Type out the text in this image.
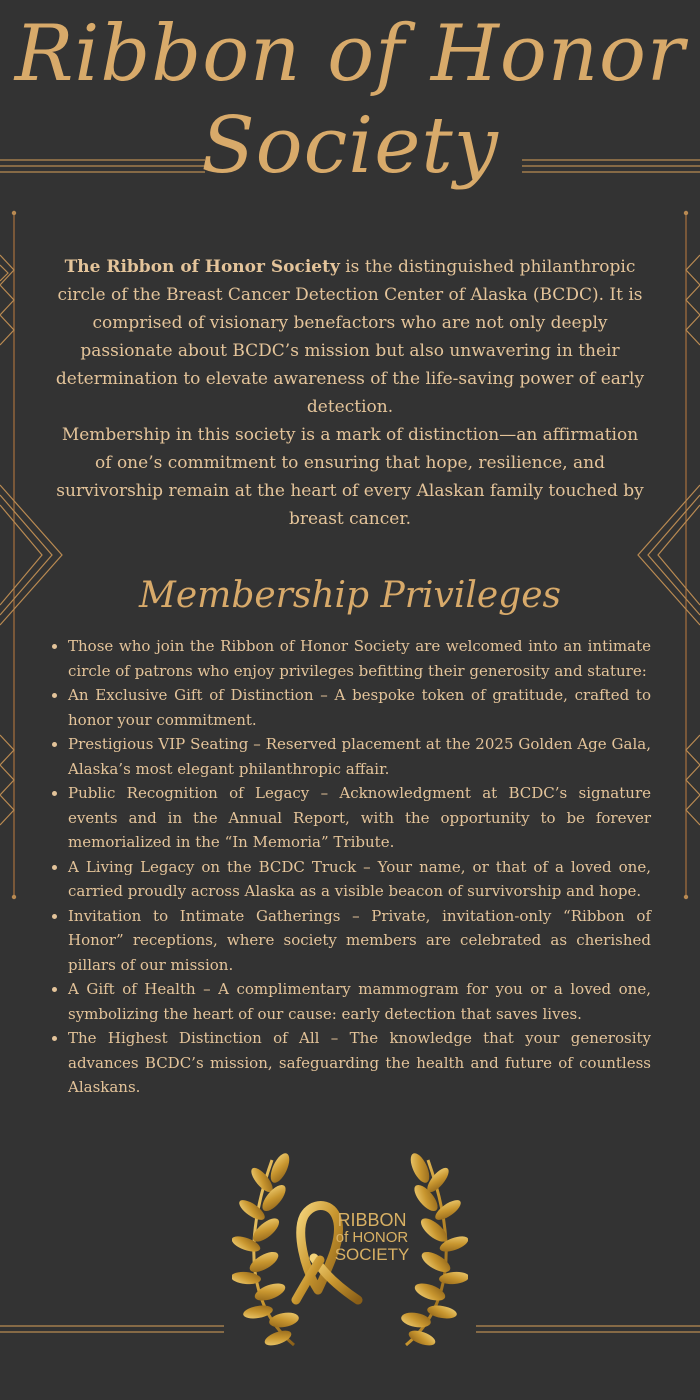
Ribbon of Honor
Society

The Ribbon of Honor Society is the distinguished philanthropic circle of the Breast Cancer Detection Center of Alaska (BCDC). It is comprised of visionary benefactors who are not only deeply passionate about BCDC’s mission but also unwavering in their determination to elevate awareness of the life-saving power of early detection.

Membership in this society is a mark of distinction—an affirmation of one’s commitment to ensuring that hope, resilience, and survivorship remain at the heart of every Alaskan family touched by breast cancer.

Membership Privileges
• Those who join the Ribbon of Honor Society are welcomed into an intimate circle of patrons who enjoy privileges befitting their generosity and stature:
• An Exclusive Gift of Distinction – A bespoke token of gratitude, crafted to honor your commitment.
• Prestigious VIP Seating – Reserved placement at the 2025 Golden Age Gala, Alaska’s most elegant philanthropic affair.
• Public Recognition of Legacy – Acknowledgment at BCDC’s signature events and in the Annual Report, with the opportunity to be forever memorialized in the “In Memoria” Tribute.
• A Living Legacy on the BCDC Truck – Your name, or that of a loved one, carried proudly across Alaska as a visible beacon of survivorship and hope.
• Invitation to Intimate Gatherings – Private, invitation-only “Ribbon of Honor” receptions, where society members are celebrated as cherished pillars of our mission.
• A Gift of Health – A complimentary mammogram for you or a loved one, symbolizing the heart of our cause: early detection that saves lives.
• The Highest Distinction of All – The knowledge that your generosity advances BCDC’s mission, safeguarding the health and future of countless Alaskans.
RIBBON
of HONOR
SOCIETY
